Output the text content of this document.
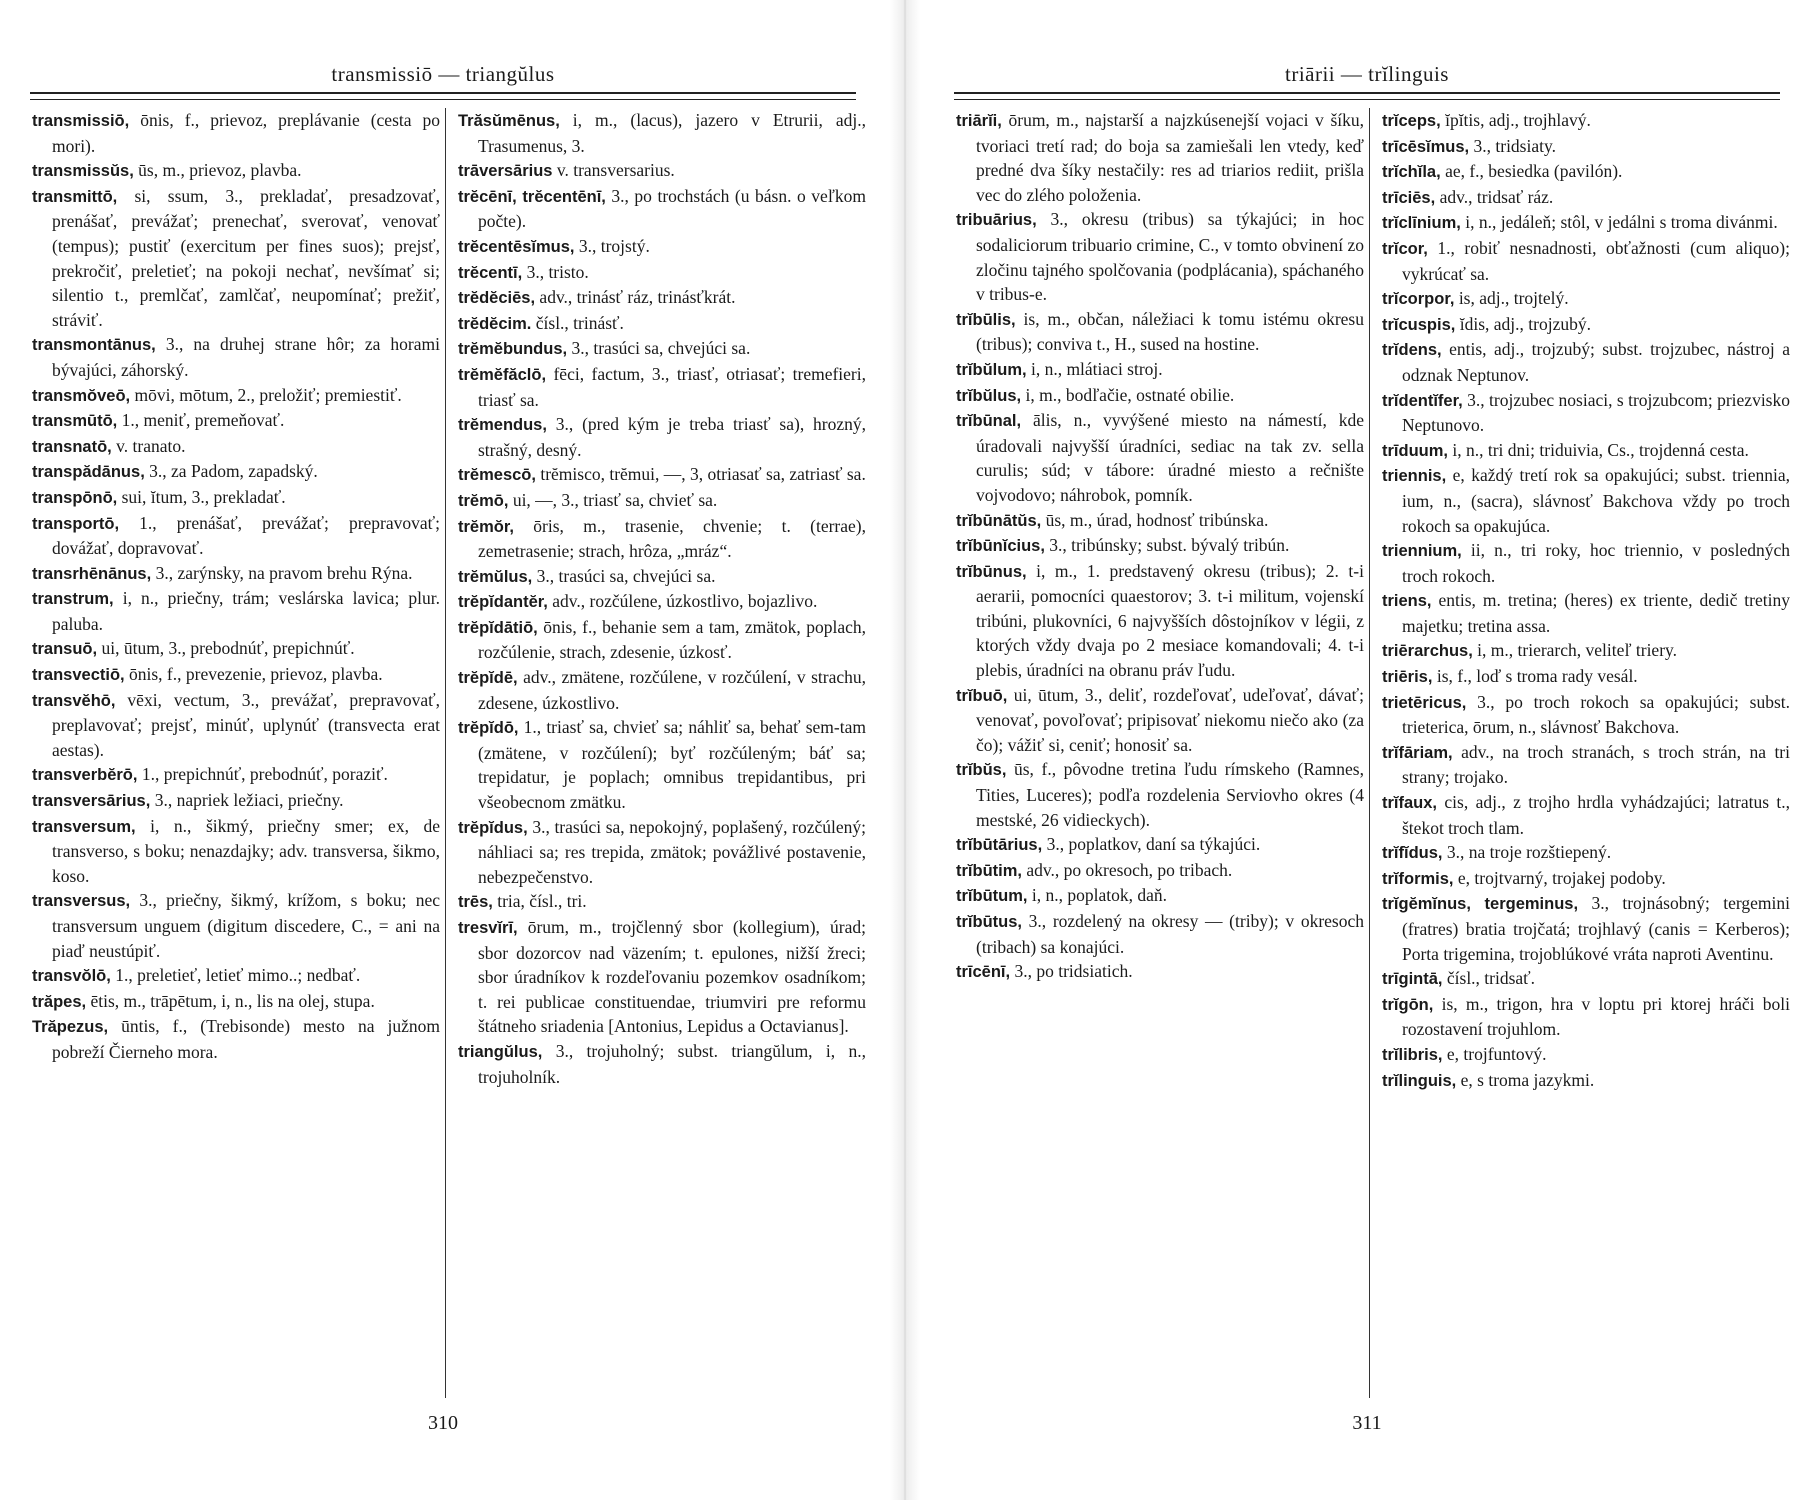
transmissiō — triangŭlus

transmissiō, ōnis, f., prievoz, preplávanie (cesta po mori).

transmissŭs, ūs, m., prievoz, plavba.

transmittō, si, ssum, 3., prekladať, presadzovať, prenášať, prevážať; prenechať, sverovať, venovať (tempus); pustiť (exercitum per fines suos); prejsť, prekročiť, preletieť; na pokoji nechať, nevšímať si; silentio t., premlčať, zamlčať, neupomínať; prežiť, stráviť.

transmontānus, 3., na druhej strane hôr; za horami bývajúci, záhorský.

transmŏveō, mōvi, mōtum, 2., preložiť; premiestiť.

transmūtō, 1., meniť, premeňovať.

transnatō, v. tranato.

transpădānus, 3., za Padom, zapadský.

transpōnō, sui, ĭtum, 3., prekladať.

transportō, 1., prenášať, prevážať; prepravovať; dovážať, dopravovať.

transrhēnānus, 3., zarýnsky, na pravom brehu Rýna.

transtrum, i, n., priečny, trám; veslárska lavica; plur. paluba.

transuō, ui, ūtum, 3., prebodnúť, prepichnúť.

transvectiō, ōnis, f., prevezenie, prievoz, plavba.

transvĕhō, vēxi, vectum, 3., prevážať, prepravovať, preplavovať; prejsť, minúť, uplynúť (transvecta erat aestas).

transverbĕrō, 1., prepichnúť, prebodnúť, poraziť.

transversārius, 3., napriek ležiaci, priečny.

transversum, i, n., šikmý, priečny smer; ex, de transverso, s boku; nenazdajky; adv. transversa, šikmo, koso.

transversus, 3., priečny, šikmý, krížom, s boku; nec transversum unguem (digitum discedere, C., = ani na piaď neustúpiť.

transvŏlō, 1., preletieť, letieť mimo..; nedbať.

trăpes, ētis, m., trāpētum, i, n., lis na olej, stupa.

Trăpezus, ūntis, f., (Trebisonde) mesto na južnom pobreží Čierneho mora.

Trăsŭmēnus, i, m., (lacus), jazero v Etrurii, adj., Trasumenus, 3.

trāversārius v. transversarius.

trĕcēnī, trĕcentēnī, 3., po trochstách (u básn. o veľkom počte).

trĕcentēsĭmus, 3., trojstý.

trĕcentī, 3., tristo.

trĕdĕciēs, adv., trinásť ráz, trinásťkrát.

trĕdĕcim. čísl., trinásť.

trĕmĕbundus, 3., trasúci sa, chvejúci sa.

trĕmĕfăclō, fēci, factum, 3., triasť, otriasať; tremefieri, triasť sa.

trĕmendus, 3., (pred kým je treba triasť sa), hrozný, strašný, desný.

trĕmescō, trĕmisco, trĕmui, —, 3, otriasať sa, zatriasť sa.

trĕmō, ui, —, 3., triasť sa, chvieť sa.

trĕmŏr, ōris, m., trasenie, chvenie; t. (terrae), zemetrasenie; strach, hrôza, „mráz“.

trĕmŭlus, 3., trasúci sa, chvejúci sa.

trĕpĭdantĕr, adv., rozčúlene, úzkostlivo, bojazlivo.

trĕpĭdātiō, ōnis, f., behanie sem a tam, zmätok, poplach, rozčúlenie, strach, zdesenie, úzkosť.

trĕpĭdē, adv., zmätene, rozčúlene, v rozčúlení, v strachu, zdesene, úzkostlivo.

trĕpĭdō, 1., triasť sa, chvieť sa; náhliť sa, behať sem-tam (zmätene, v rozčúlení); byť rozčúleným; báť sa; trepidatur, je poplach; omnibus trepidantibus, pri všeobecnom zmätku.

trĕpĭdus, 3., trasúci sa, nepokojný, poplašený, rozčúlený; náhliaci sa; res trepida, zmätok; povážlivé postavenie, nebezpečenstvo.

trēs, tria, čísl., tri.

tresvĭrī, ōrum, m., trojčlenný sbor (kollegium), úrad; sbor dozorcov nad väzením; t. epulones, nižší žreci; sbor úradníkov k rozdeľovaniu pozemkov osadníkom; t. rei publicae constituendae, triumviri pre reformu štátneho sriadenia [Antonius, Lepidus a Octavianus].

triangŭlus, 3., trojuholný; subst. triangŭlum, i, n., trojuholník.

310
triārii — trĭlinguis

triārĭi, ōrum, m., najstarší a najzkúsenejší vojaci v šíku, tvoriaci tretí rad; do boja sa zamiešali len vtedy, keď predné dva šíky nestačily: res ad triarios rediit, prišla vec do zlého položenia.

tribuārius, 3., okresu (tribus) sa týkajúci; in hoc sodaliciorum tribuario crimine, C., v tomto obvinení zo zločinu tajného spolčovania (podplácania), spáchaného v tribus-e.

trĭbūlis, is, m., občan, náležiaci k tomu istému okresu (tribus); conviva t., H., sused na hostine.

trĭbŭlum, i, n., mlátiaci stroj.

trĭbŭlus, i, m., bodľačie, ostnaté obilie.

trĭbūnal, ālis, n., vyvýšené miesto na námestí, kde úradovali najvyšší úradníci, sediac na tak zv. sella curulis; súd; v tábore: úradné miesto a rečnište vojvodovo; náhrobok, pomník.

trĭbūnātŭs, ūs, m., úrad, hodnosť tribúnska.

trĭbūnĭcius, 3., tribúnsky; subst. bývalý tribún.

trĭbūnus, i, m., 1. predstavený okresu (tribus); 2. t-i aerarii, pomocníci quaestorov; 3. t-i militum, vojenskí tribúni, plukovníci, 6 najvyšších dôstojníkov v légii, z ktorých vždy dvaja po 2 mesiace komandovali; 4. t-i plebis, úradníci na obranu práv ľudu.

trĭbuō, ui, ūtum, 3., deliť, rozdeľovať, udeľovať, dávať; venovať, povoľovať; pripisovať niekomu niečo ako (za čo); vážiť si, ceniť; honosiť sa.

trĭbŭs, ūs, f., pôvodne tretina ľudu rímskeho (Ramnes, Tities, Luceres); podľa rozdelenia Serviovho okres (4 mestské, 26 vidieckych).

trĭbūtārius, 3., poplatkov, daní sa týkajúci.

trĭbūtim, adv., po okresoch, po tribach.

trĭbūtum, i, n., poplatok, daň.

trĭbūtus, 3., rozdelený na okresy — (triby); v okresoch (tribach) sa konajúci.

trīcēnī, 3., po tridsiatich.

trĭceps, ĭpĭtis, adj., trojhlavý.

trīcēsĭmus, 3., tridsiaty.

trĭchĭla, ae, f., besiedka (pavilón).

trīciēs, adv., tridsať ráz.

trĭclīnium, i, n., jedáleň; stôl, v jedálni s troma divánmi.

trĭcor, 1., robiť nesnadnosti, obťažnosti (cum aliquo); vykrúcať sa.

trĭcorpor, is, adj., trojtelý.

trĭcuspis, ĭdis, adj., trojzubý.

trĭdens, entis, adj., trojzubý; subst. trojzubec, nástroj a odznak Neptunov.

trĭdentĭfer, 3., trojzubec nosiaci, s trojzubcom; priezvisko Neptunovo.

trīduum, i, n., tri dni; triduivia, Cs., trojdenná cesta.

triennis, e, každý tretí rok sa opakujúci; subst. triennia, ium, n., (sacra), slávnosť Bakchova vždy po troch rokoch sa opakujúca.

triennium, ii, n., tri roky, hoc triennio, v posledných troch rokoch.

triens, entis, m. tretina; (heres) ex triente, dedič tretiny majetku; tretina assa.

triērarchus, i, m., trierarch, veliteľ triery.

triēris, is, f., loď s troma rady vesál.

trietēricus, 3., po troch rokoch sa opakujúci; subst. trieterica, ōrum, n., slávnosť Bakchova.

trĭfāriam, adv., na troch stranách, s troch strán, na tri strany; trojako.

trĭfaux, cis, adj., z trojho hrdla vyhádzajúci; latratus t., štekot troch tlam.

trĭfĭdus, 3., na troje rozštiepený.

trĭformis, e, trojtvarný, trojakej podoby.

trĭgĕmĭnus, tergeminus, 3., trojnásobný; tergemini (fratres) bratia trojčatá; trojhlavý (canis = Kerberos); Porta trigemina, trojoblúkové vráta naproti Aventinu.

trīgintā, čísl., tridsať.

trĭgōn, is, m., trigon, hra v loptu pri ktorej hráči boli rozostavení trojuhlom.

trĭlibris, e, trojfuntový.

trĭlinguis, e, s troma jazykmi.

311
